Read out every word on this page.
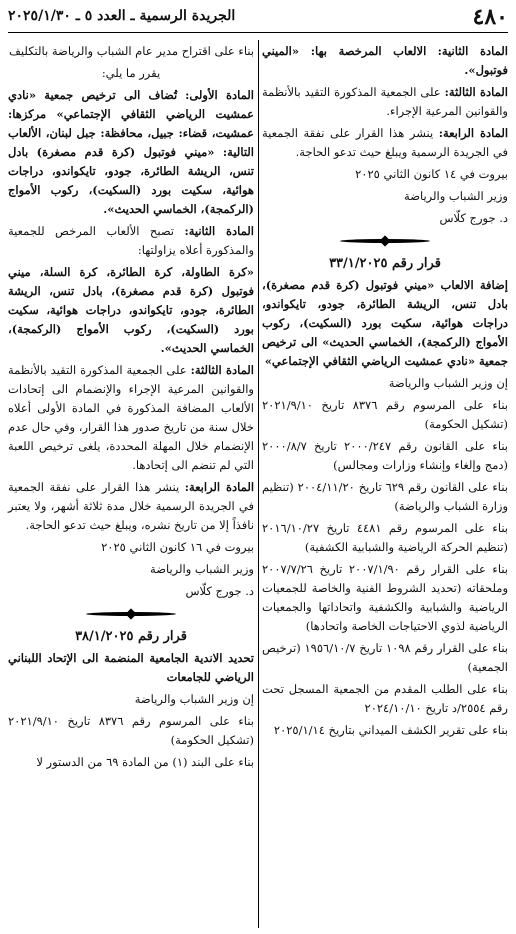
٤٨٠
الجريدة الرسمية ـ العدد ٥ ـ ٢٠٢٥/١/٣٠

المادة الثانية: الالعاب المرخصة بها: «الميني فوتبول».

المادة الثالثة: على الجمعية المذكورة التقيد بالأنظمة والقوانين المرعية الإجراء.

المادة الرابعة: ينشر هذا القرار على نفقة الجمعية في الجريدة الرسمية ويبلغ حيث تدعو الحاجة.

بيروت في ١٤ كانون الثاني ٢٠٢٥

وزير الشباب والرياضة

د. جورج كلّاس

قرار رقم ٣٣/١/٢٠٢٥

إضافة الالعاب «ميني فوتبول (كرة قدم مصغرة)، بادل تنس، الريشة الطائرة، جودو، تايكواندو، دراجات هوائية، سكيت بورد (السكيت)، ركوب الأمواج (الركمجة)، الخماسي الحديث» الى ترخيص جمعية «نادي عمشيت الرياضي الثقافي الإجتماعي»

إن وزير الشباب والرياضة

بناء على المرسوم رقم ٨٣٧٦ تاريخ ٢٠٢١/٩/١٠ (تشكيل الحكومة)

بناء على القانون رقم ٢٠٠٠/٢٤٧ تاريخ ٢٠٠٠/٨/٧ (دمج وإلغاء وإنشاء وزارات ومجالس)

بناء على القانون رقم ٦٢٩ تاريخ ٢٠٠٤/١١/٢٠ (تنظيم وزارة الشباب والرياضة)

بناء على المرسوم رقم ٤٤٨١ تاريخ ٢٠١٦/١٠/٢٧ (تنظيم الحركة الرياضية والشبابية الكشفية)

بناء على القرار رقم ٢٠٠٧/١/٩٠ تاريخ ٢٠٠٧/٧/٢٦ وملحقاته (تحديد الشروط الفنية والخاصة للجمعيات الرياضية والشبابية والكشفية واتحاداتها والجمعيات الرياضية لذوي الاحتياجات الخاصة واتحادها)

بناء على القرار رقم ١٠٩٨ تاريخ ١٩٥٦/١٠/٧ (ترخيص الجمعية)

بناء على الطلب المقدم من الجمعية المسجل تحت رقم ٢٥٥٤/د تاريخ ٢٠٢٤/١٠/١٠

بناء على تقرير الكشف الميداني بتاريخ ٢٠٢٥/١/١٤

بناء على اقتراح مدير عام الشباب والرياضة بالتكليف

يقرر ما يلي:

المادة الأولى: تُضاف الى ترخيص جمعية «نادي عمشيت الرياضي الثقافي الإجتماعي» مركزها: عمشيت، قضاء: جبيل، محافظة: جبل لبنان، الألعاب التالية: «ميني فوتبول (كرة قدم مصغرة) بادل تنس، الريشة الطائرة، جودو، تايكواندو، دراجات هوائية، سكيت بورد (السكيت)، ركوب الأمواج (الركمجة)، الخماسي الحديث».

المادة الثانية: تصبح الألعاب المرخص للجمعية والمذكورة أعلاه يزاولتها:

«كرة الطاولة، كرة الطائرة، كرة السلة، ميني فوتبول (كرة قدم مصغرة)، بادل تنس، الريشة الطائرة، جودو، تايكواندو، دراجات هوائية، سكيت بورد (السكيت)، ركوب الأمواج (الركمجة)، الخماسي الحديث».

المادة الثالثة: على الجمعية المذكورة التقيد بالأنظمة والقوانين المرعية الإجراء والإنضمام الى إتحادات الألعاب المضافة المذكورة في المادة الأولى أعلاه خلال سنة من تاريخ صدور هذا القرار، وفي حال عدم الإنضمام خلال المهلة المحددة، يلغى ترخيص اللعبة التي لم تنضم الى إتحادها.

المادة الرابعة: ينشر هذا القرار على نفقة الجمعية في الجريدة الرسمية خلال مدة ثلاثة أشهر، ولا يعتبر نافذاً إلا من تاريخ نشره، ويبلغ حيث تدعو الحاجة.

بيروت في ١٦ كانون الثاني ٢٠٢٥

وزير الشباب والرياضة

د. جورج كلّاس

قرار رقم ٣٨/١/٢٠٢٥

تحديد الاندية الجامعية المنضمة الى الإتحاد اللبناني الرياضي للجامعات

إن وزير الشباب والرياضة

بناء على المرسوم رقم ٨٣٧٦ تاريخ ٢٠٢١/٩/١٠ (تشكيل الحكومة)

بناء على البند (١) من المادة ٦٩ من الدستور لا
